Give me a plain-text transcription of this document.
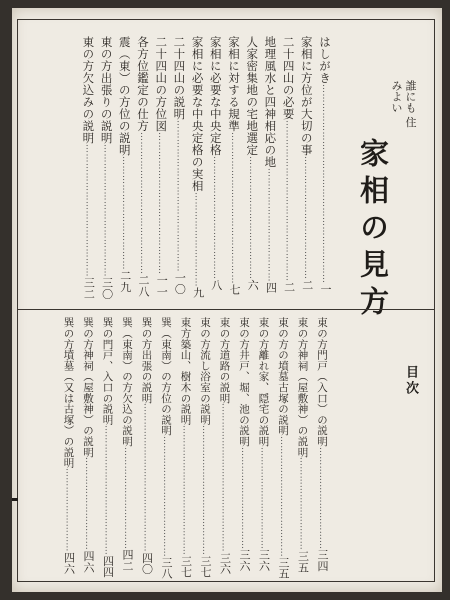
誰にも 住みよい
家相の見方
はしがき………………………………………………………一
家相に方位が大切の事…………………………………二
二十四山の必要……………………………………………二
地理風水と四神相応の地………………………………四
人家密集地の宅地選定…………………………………六
家相に対する規準…………………………………………七
家相に必要な中央定格…………………………………八
家相に必要な中央定格の実相…………………………九
二十四山の説明…………………………………………一〇
二十四山の方位図………………………………………一一
各方位鑑定の仕方………………………………………二八
震（東）の方位の説明………………………………二九
東の方出張りの説明……………………………………三〇
東の方欠込みの説明……………………………………三二
目次
東の方門戸（入口）の説明……………………………三四
東の方神祠（屋敷神）の説明…………………………三五
東の方の墳墓古塚の説明…………………………………三五
東の方離れ家、隠宅の説明……………………………三六
東の方井戸、堀、池の説明……………………………三六
東の方道路の説明…………………………………………三六
東の方流し浴室の説明……………………………………三七
東方築山、樹木の説明……………………………………三七
巽（東南）の方位の説明…………………………………三八
巽の方出張の説明…………………………………………四〇
巽（東南）の方欠込の説明……………………………四二
巽の門戸、入口の説明……………………………………四四
巽の方神祠（屋敷神）の説明…………………………四六
巽の方墳墓（又は古塚）の説明………………………四六
